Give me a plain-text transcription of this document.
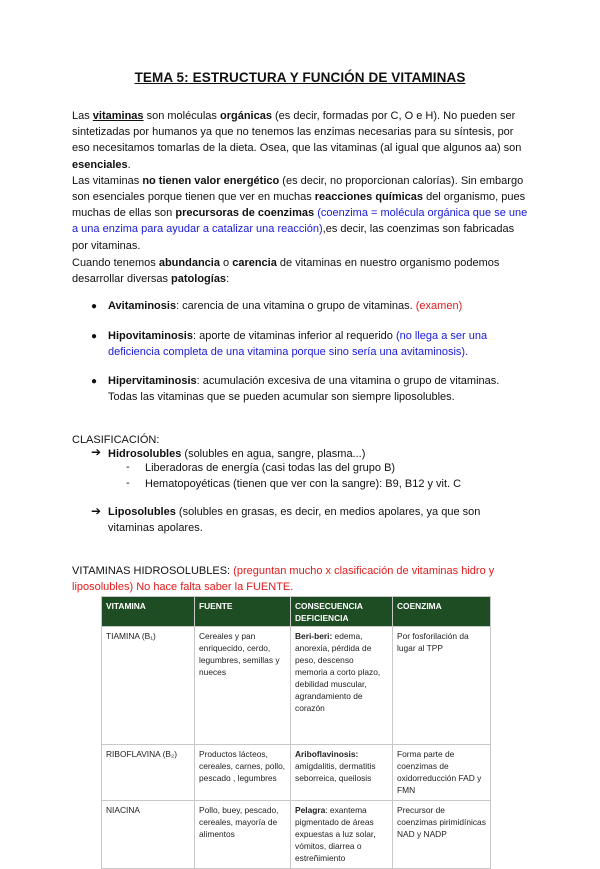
TEMA 5: ESTRUCTURA Y FUNCIÓN DE VITAMINAS
Las vitaminas son moléculas orgánicas (es decir, formadas por C, O e H). No pueden ser sintetizadas por humanos ya que no tenemos las enzimas necesarias para su síntesis, por eso necesitamos tomarlas de la dieta. Osea, que las vitaminas (al igual que algunos aa) son esenciales.
Las vitaminas no tienen valor energético (es decir, no proporcionan calorías). Sin embargo son esenciales porque tienen que ver en muchas reacciones químicas del organismo, pues muchas de ellas son precursoras de coenzimas (coenzima = molécula orgánica que se une a una enzima para ayudar a catalizar una reacción),es decir, las coenzimas son fabricadas por vitaminas.
Cuando tenemos abundancia o carencia de vitaminas en nuestro organismo podemos desarrollar diversas patologías:
● Avitaminosis: carencia de una vitamina o grupo de vitaminas. (examen)
● Hipovitaminosis: aporte de vitaminas inferior al requerido (no llega a ser una deficiencia completa de una vitamina porque sino sería una avitaminosis).
● Hipervitaminosis: acumulación excesiva de una vitamina o grupo de vitaminas. Todas las vitaminas que se pueden acumular son siempre liposolubles.
CLASIFICACIÓN:
➔ Hidrosolubles (solubles en agua, sangre, plasma...)
- Liberadoras de energía (casi todas las del grupo B)
- Hematopoyéticas (tienen que ver con la sangre): B9, B12 y vit. C
➔ Liposolubles (solubles en grasas, es decir, en medios apolares, ya que son vitaminas apolares.
VITAMINAS HIDROSOLUBLES: (preguntan mucho x clasificación de vitaminas hidro y liposolubles) No hace falta saber la FUENTE.
VITAMINA	FUENTE	CONSECUENCIA DEFICIENCIA	COENZIMA
TIAMINA (B₁)	Cereales y pan enriquecido, cerdo, legumbres, semillas y nueces	Beri-beri: edema, anorexia, pérdida de peso, descenso memoria a corto plazo, debilidad muscular, agrandamiento de corazón	Por fosforilación da lugar al TPP
RIBOFLAVINA (B₂)	Productos lácteos, cereales, carnes, pollo, pescado , legumbres	Ariboflavinosis: amigdalitis, dermatitis seborreica, queilosis	Forma parte de coenzimas de oxidorreducción FAD y FMN
NIACINA	Pollo, buey, pescado, cereales, mayoría de alimentos	Pelagra: exantema pigmentado de áreas expuestas a luz solar, vómitos, diarrea o estreñimiento	Precursor de coenzimas pirimidínicas NAD y NADP
